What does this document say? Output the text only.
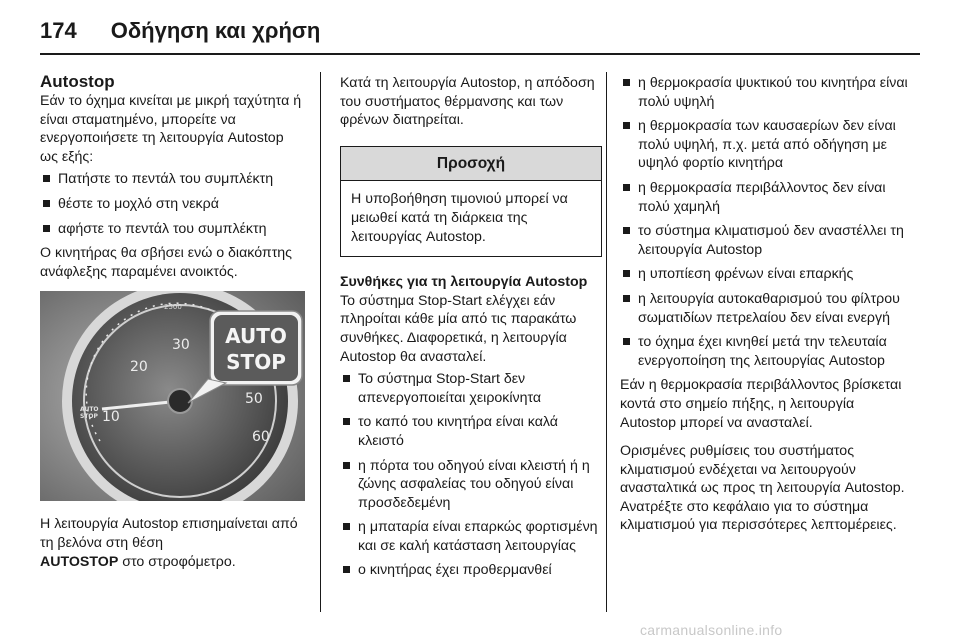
174 Οδήγηση και χρήση
Autostop

Εάν το όχημα κινείται με μικρή ταχύτητα ή είναι σταματημένο, μπορείτε να ενεργοποιήσετε τη λειτουργία Autostop ως εξής:

Πατήστε το πεντάλ του συμπλέκτη
θέστε το μοχλό στη νεκρά
αφήστε το πεντάλ του συμπλέκτη

Ο κινητήρας θα σβήσει ενώ ο διακόπτης ανάφλεξης παραμένει ανοικτός.

10
20
30
50
60
2500
AUTO
STOP
AUTO
STOP

Η λειτουργία Autostop επισημαίνεται από τη βελόνα στη θέση
AUTOSTOP στο στροφόμετρο.

Κατά τη λειτουργία Autostop, η απόδοση του συστήματος θέρμανσης και των φρένων διατηρείται.

Προσοχή
Η υποβοήθηση τιμονιού μπορεί να μειωθεί κατά τη διάρκεια της λειτουργίας Autostop.

Συνθήκες για τη λειτουργία Autostop

Το σύστημα Stop-Start ελέγχει εάν πληροίται κάθε μία από τις παρακάτω συνθήκες. Διαφορετικά, η λειτουργία Autostop θα ανασταλεί.

Το σύστημα Stop-Start δεν απενεργοποιείται χειροκίνητα
το καπό του κινητήρα είναι καλά κλειστό
η πόρτα του οδηγού είναι κλειστή ή η ζώνης ασφαλείας του οδηγού είναι προσδεδεμένη
η μπαταρία είναι επαρκώς φορτισμένη και σε καλή κατάσταση λειτουργίας
ο κινητήρας έχει προθερμανθεί
η θερμοκρασία ψυκτικού του κινητήρα είναι πολύ υψηλή
η θερμοκρασία των καυσαερίων δεν είναι πολύ υψηλή, π.χ. μετά από οδήγηση με υψηλό φορτίο κινητήρα
η θερμοκρασία περιβάλλοντος δεν είναι πολύ χαμηλή
το σύστημα κλιματισμού δεν αναστέλλει τη λειτουργία Autostop
η υποπίεση φρένων είναι επαρκής
η λειτουργία αυτοκαθαρισμού του φίλτρου σωματιδίων πετρελαίου δεν είναι ενεργή
το όχημα έχει κινηθεί μετά την τελευταία ενεργοποίηση της λειτουργίας Autostop

Εάν η θερμοκρασία περιβάλλοντος βρίσκεται κοντά στο σημείο πήξης, η λειτουργία Autostop μπορεί να ανασταλεί.

Ορισμένες ρυθμίσεις του συστήματος κλιματισμού ενδέχεται να λειτουργούν ανασταλτικά ως προς τη λειτουργία Autostop. Ανατρέξτε στο κεφάλαιο για το σύστημα κλιματισμού για περισσότερες λεπτομέρειες.

carmanualsonline.info
